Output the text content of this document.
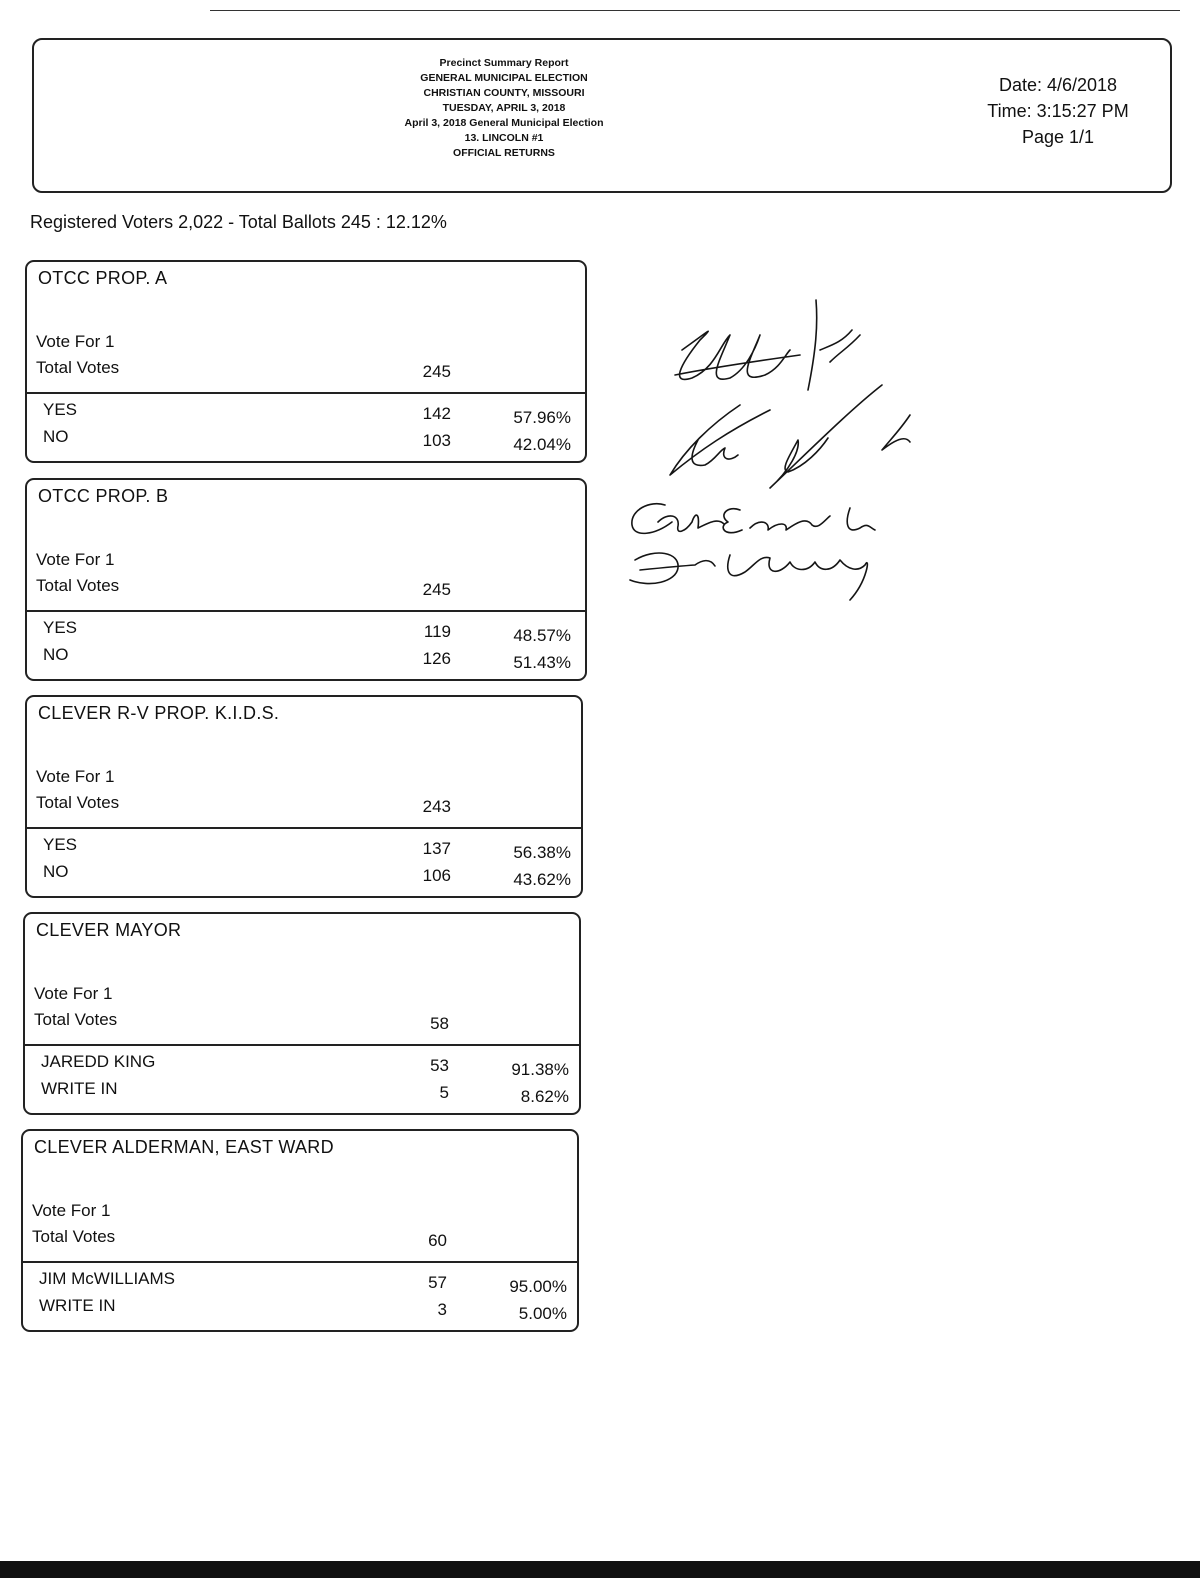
Precinct Summary Report
GENERAL MUNICIPAL ELECTION
CHRISTIAN COUNTY, MISSOURI
TUESDAY, APRIL 3, 2018
April 3, 2018 General Municipal Election
13. LINCOLN #1
OFFICIAL RETURNS
Date: 4/6/2018
Time: 3:15:27 PM
Page 1/1
Registered Voters 2,022 - Total Ballots 245 : 12.12%
OTCC PROP. A
Vote For 1
Total Votes	245
YES	142	57.96%
NO	103	42.04%
OTCC PROP. B
Vote For 1
Total Votes	245
YES	119	48.57%
NO	126	51.43%
CLEVER R-V PROP. K.I.D.S.
Vote For 1
Total Votes	243
YES	137	56.38%
NO	106	43.62%
CLEVER MAYOR
Vote For 1
Total Votes	58
JAREDD KING	53	91.38%
WRITE IN	5	8.62%
CLEVER ALDERMAN, EAST WARD
Vote For 1
Total Votes	60
JIM McWILLIAMS	57	95.00%
WRITE IN	3	5.00%
